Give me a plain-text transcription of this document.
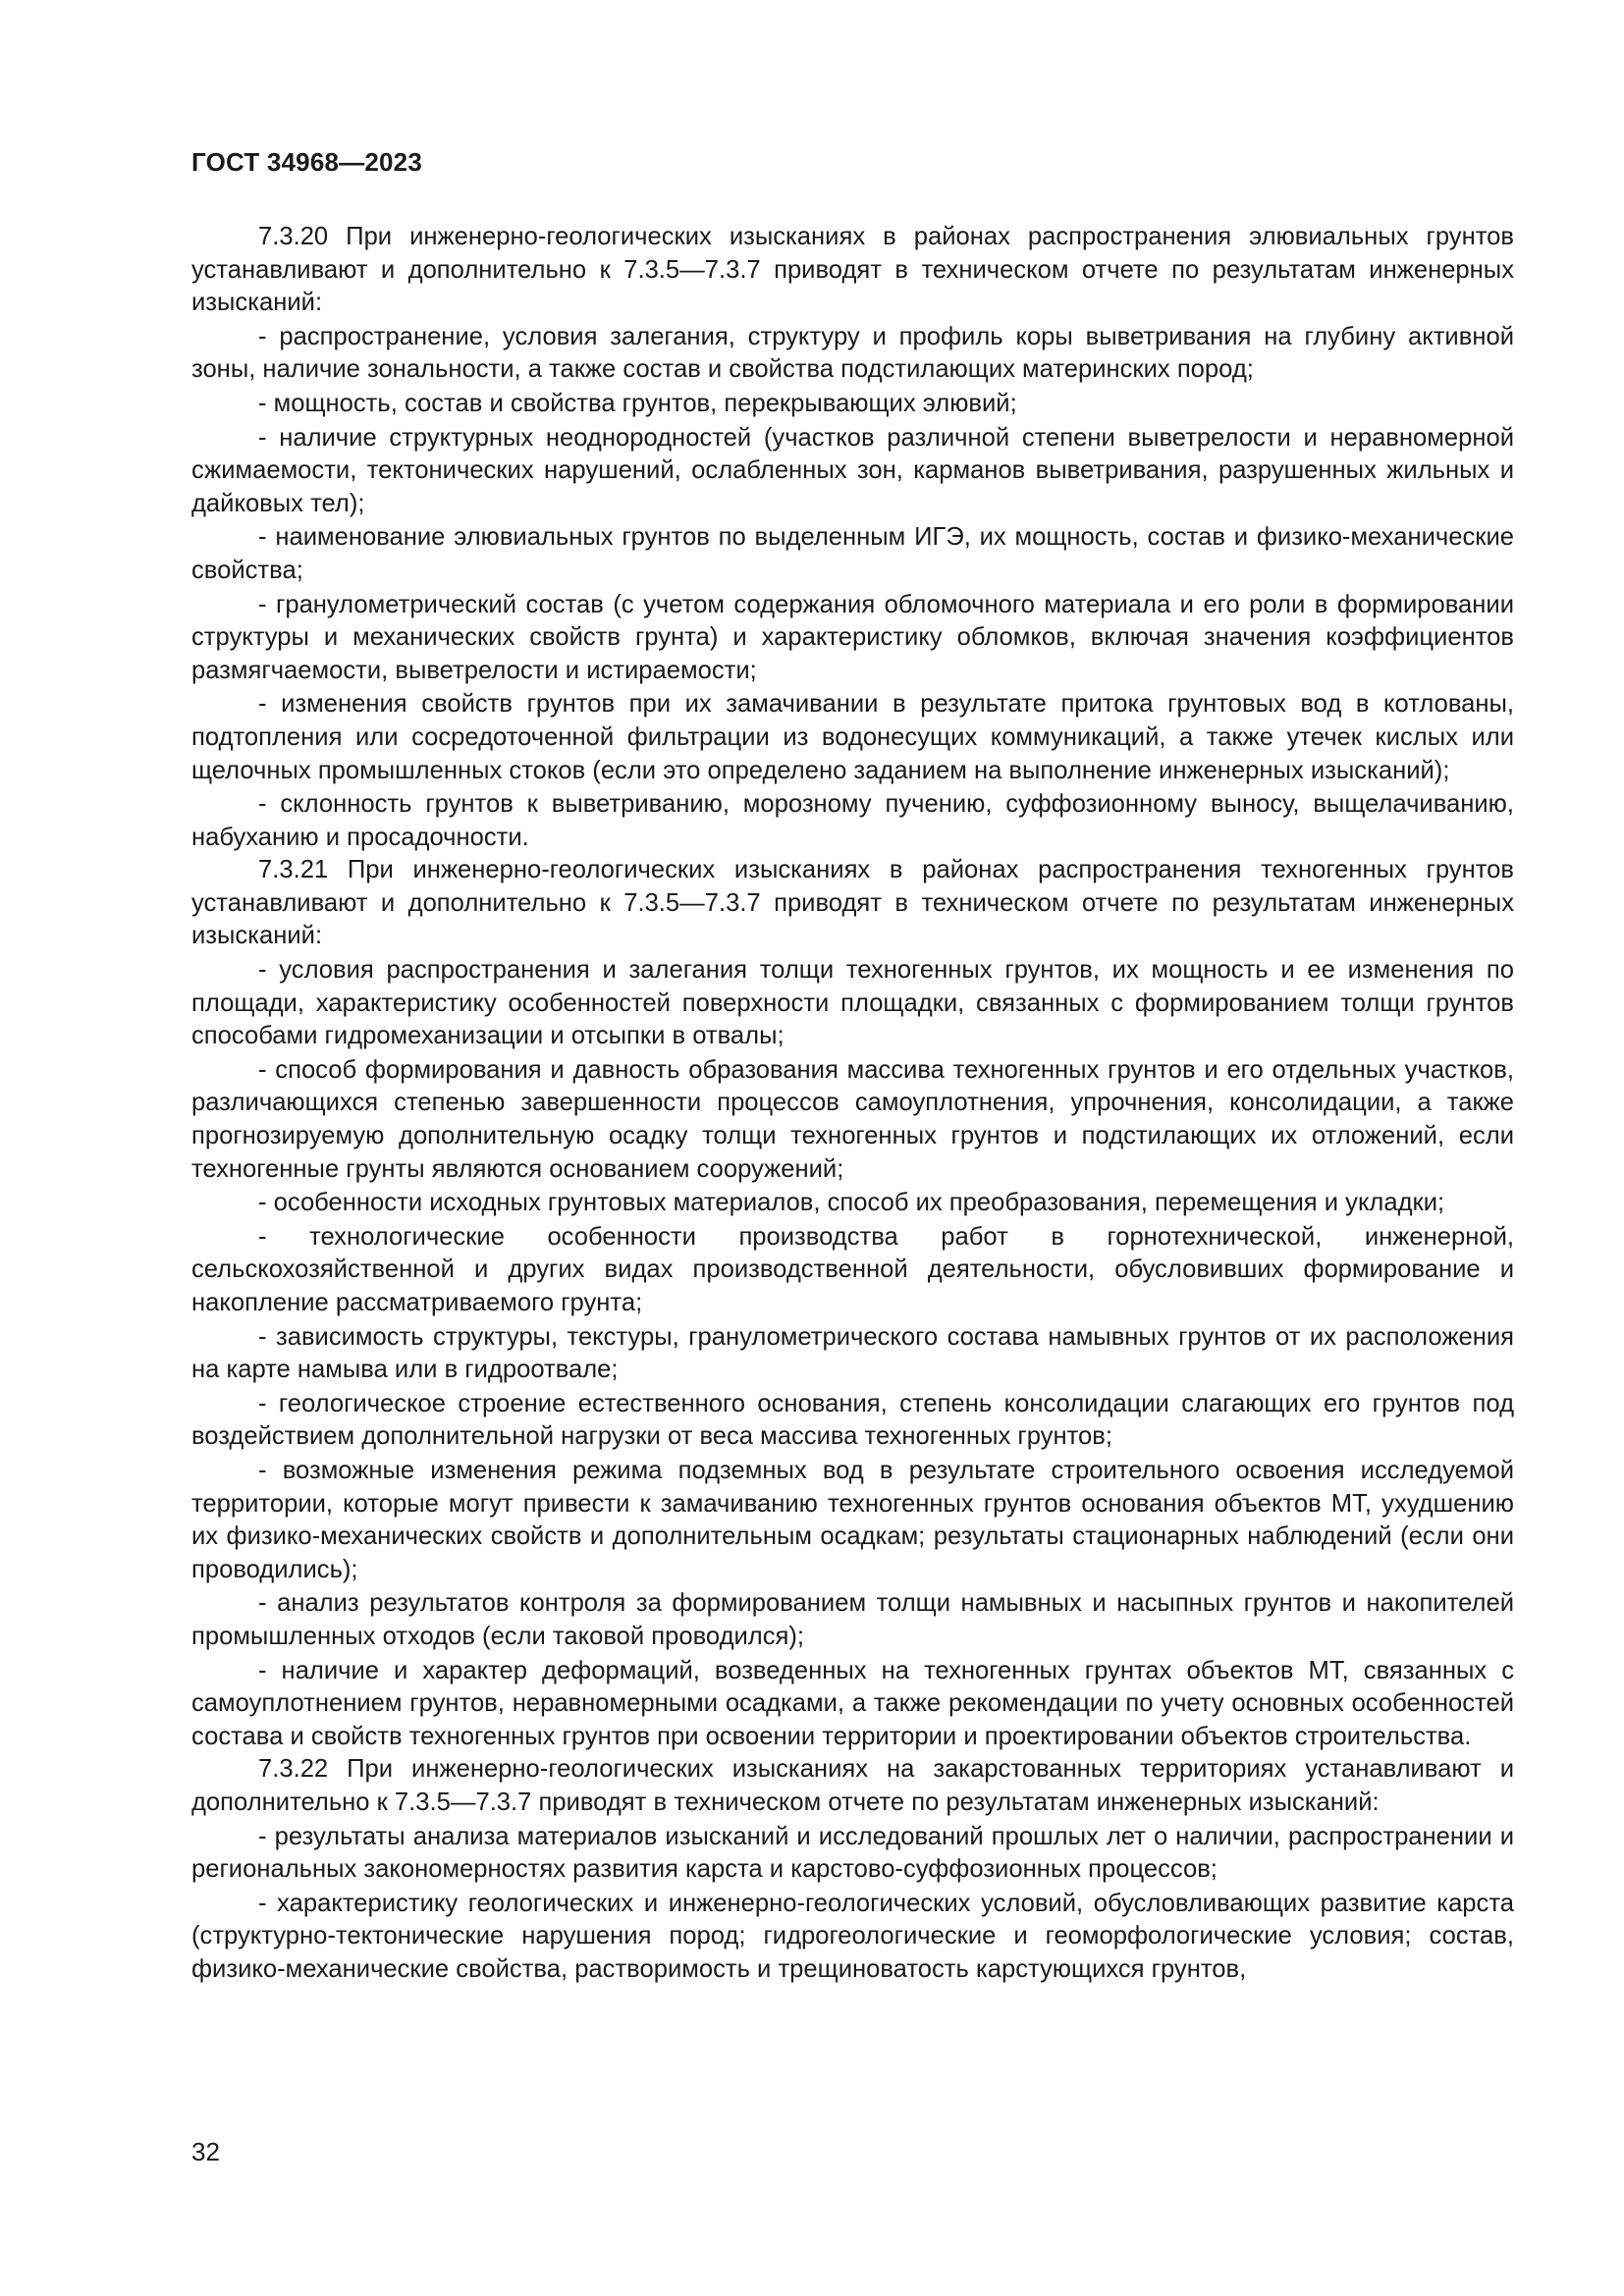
ГОСТ 34968—2023

7.3.20 При инженерно-геологических изысканиях в районах распространения элювиальных грунтов устанавливают и дополнительно к 7.3.5—7.3.7 приводят в техническом отчете по результатам инженерных изысканий:

- распространение, условия залегания, структуру и профиль коры выветривания на глубину активной зоны, наличие зональности, а также состав и свойства подстилающих материнских пород;

- мощность, состав и свойства грунтов, перекрывающих элювий;

- наличие структурных неоднородностей (участков различной степени выветрелости и неравномерной сжимаемости, тектонических нарушений, ослабленных зон, карманов выветривания, разрушенных жильных и дайковых тел);

- наименование элювиальных грунтов по выделенным ИГЭ, их мощность, состав и физико-механические свойства;

- гранулометрический состав (с учетом содержания обломочного материала и его роли в формировании структуры и механических свойств грунта) и характеристику обломков, включая значения коэффициентов размягчаемости, выветрелости и истираемости;

- изменения свойств грунтов при их замачивании в результате притока грунтовых вод в котлованы, подтопления или сосредоточенной фильтрации из водонесущих коммуникаций, а также утечек кислых или щелочных промышленных стоков (если это определено заданием на выполнение инженерных изысканий);

- склонность грунтов к выветриванию, морозному пучению, суффозионному выносу, выщелачиванию, набуханию и просадочности.

7.3.21 При инженерно-геологических изысканиях в районах распространения техногенных грунтов устанавливают и дополнительно к 7.3.5—7.3.7 приводят в техническом отчете по результатам инженерных изысканий:

- условия распространения и залегания толщи техногенных грунтов, их мощность и ее изменения по площади, характеристику особенностей поверхности площадки, связанных с формированием толщи грунтов способами гидромеханизации и отсыпки в отвалы;

- способ формирования и давность образования массива техногенных грунтов и его отдельных участков, различающихся степенью завершенности процессов самоуплотнения, упрочнения, консолидации, а также прогнозируемую дополнительную осадку толщи техногенных грунтов и подстилающих их отложений, если техногенные грунты являются основанием сооружений;

- особенности исходных грунтовых материалов, способ их преобразования, перемещения и укладки;

- технологические особенности производства работ в горнотехнической, инженерной, сельскохозяйственной и других видах производственной деятельности, обусловивших формирование и накопление рассматриваемого грунта;

- зависимость структуры, текстуры, гранулометрического состава намывных грунтов от их расположения на карте намыва или в гидроотвале;

- геологическое строение естественного основания, степень консолидации слагающих его грунтов под воздействием дополнительной нагрузки от веса массива техногенных грунтов;

- возможные изменения режима подземных вод в результате строительного освоения исследуемой территории, которые могут привести к замачиванию техногенных грунтов основания объектов МТ, ухудшению их физико-механических свойств и дополнительным осадкам; результаты стационарных наблюдений (если они проводились);

- анализ результатов контроля за формированием толщи намывных и насыпных грунтов и накопителей промышленных отходов (если таковой проводился);

- наличие и характер деформаций, возведенных на техногенных грунтах объектов МТ, связанных с самоуплотнением грунтов, неравномерными осадками, а также рекомендации по учету основных особенностей состава и свойств техногенных грунтов при освоении территории и проектировании объектов строительства.

7.3.22 При инженерно-геологических изысканиях на закарстованных территориях устанавливают и дополнительно к 7.3.5—7.3.7 приводят в техническом отчете по результатам инженерных изысканий:

- результаты анализа материалов изысканий и исследований прошлых лет о наличии, распространении и региональных закономерностях развития карста и карстово-суффозионных процессов;

- характеристику геологических и инженерно-геологических условий, обусловливающих развитие карста (структурно-тектонические нарушения пород; гидрогеологические и геоморфологические условия; состав, физико-механические свойства, растворимость и трещиноватость карстующихся грунтов,

32
